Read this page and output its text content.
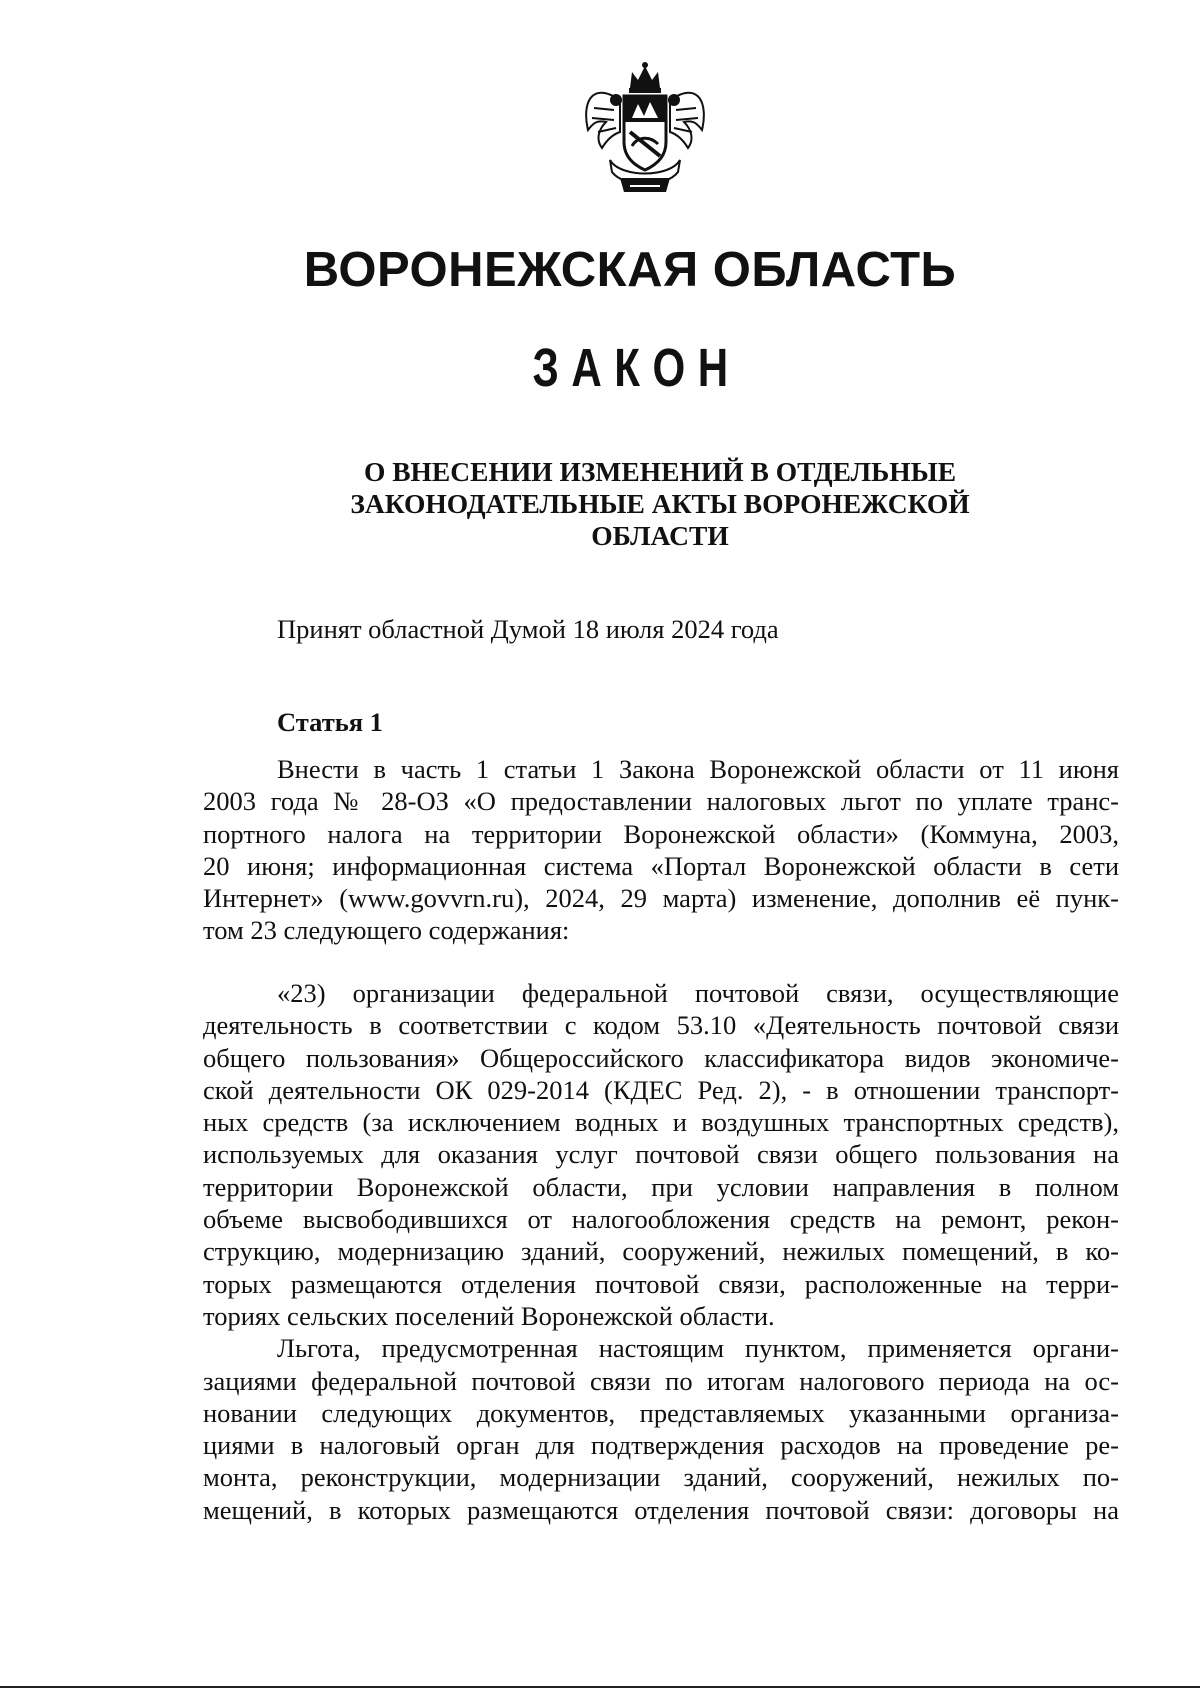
ВОРОНЕЖСКАЯ ОБЛАСТЬ
ЗАКОН
О ВНЕСЕНИИ ИЗМЕНЕНИЙ В ОТДЕЛЬНЫЕ
ЗАКОНОДАТЕЛЬНЫЕ АКТЫ ВОРОНЕЖСКОЙ
ОБЛАСТИ

Принят областной Думой 18 июля 2024 года

Статья 1

Внести в часть 1 статьи 1 Закона Воронежской области от 11 июня
2003 года № 28-ОЗ «О предоставлении налоговых льгот по уплате транс-
портного налога на территории Воронежской области» (Коммуна, 2003,
20 июня; информационная система «Портал Воронежской области в сети
Интернет» (www.govvrn.ru), 2024, 29 марта) изменение, дополнив её пунк-
том 23 следующего содержания:
«23) организации федеральной почтовой связи, осуществляющие
деятельность в соответствии с кодом 53.10 «Деятельность почтовой связи
общего пользования» Общероссийского классификатора видов экономиче-
ской деятельности ОК 029-2014 (КДЕС Ред. 2), - в отношении транспорт-
ных средств (за исключением водных и воздушных транспортных средств),
используемых для оказания услуг почтовой связи общего пользования на
территории Воронежской области, при условии направления в полном
объеме высвободившихся от налогообложения средств на ремонт, рекон-
струкцию, модернизацию зданий, сооружений, нежилых помещений, в ко-
торых размещаются отделения почтовой связи, расположенные на терри-
ториях сельских поселений Воронежской области.
Льгота, предусмотренная настоящим пунктом, применяется органи-
зациями федеральной почтовой связи по итогам налогового периода на ос-
новании следующих документов, представляемых указанными организа-
циями в налоговый орган для подтверждения расходов на проведение ре-
монта, реконструкции, модернизации зданий, сооружений, нежилых по-
мещений, в которых размещаются отделения почтовой связи: договоры на
